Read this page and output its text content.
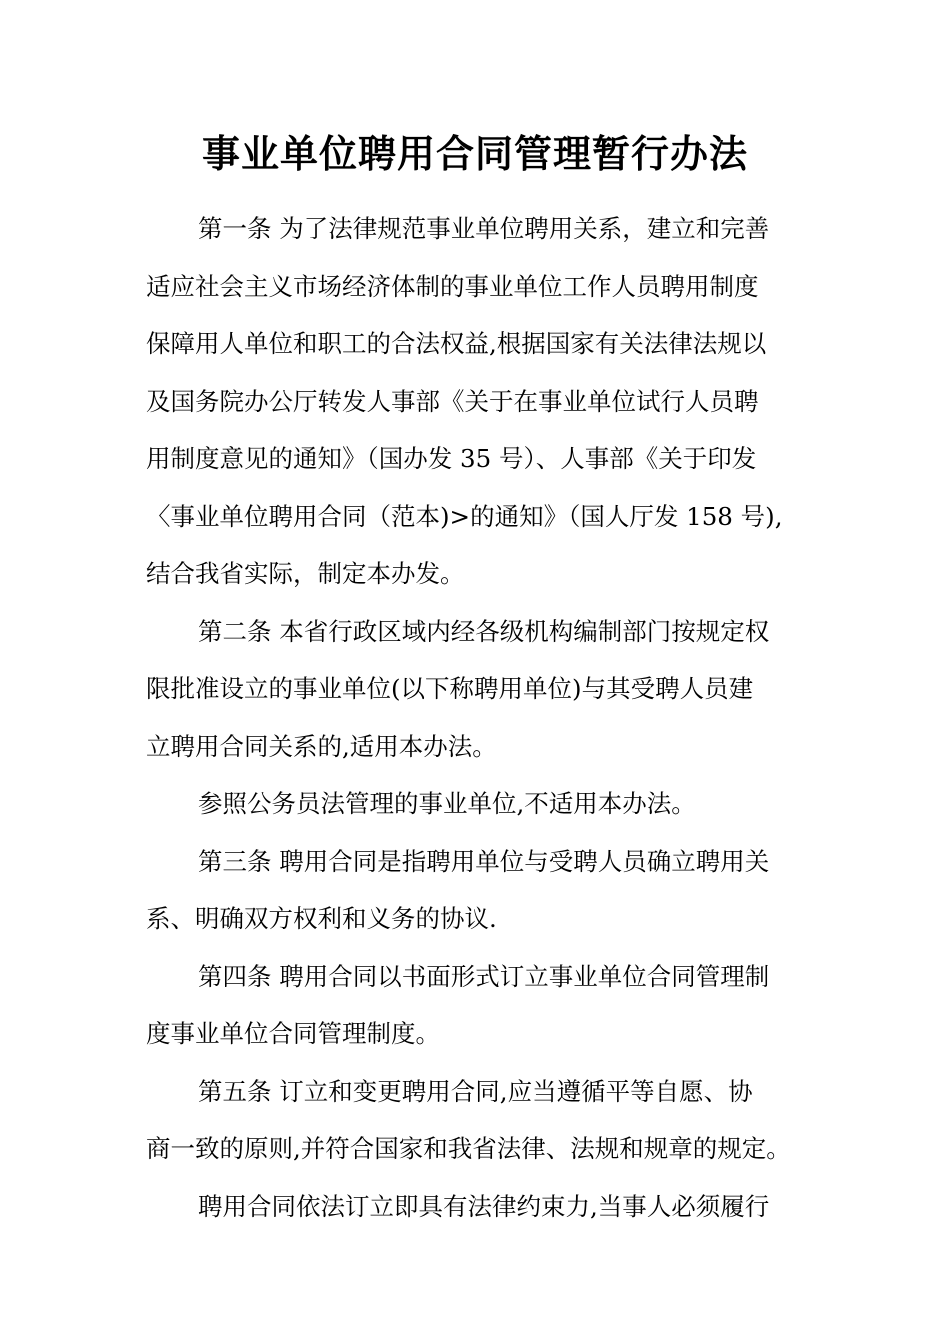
事业单位聘用合同管理暂行办法
第一条 为了法律规范事业单位聘用关系，建立和完善
适应社会主义市场经济体制的事业单位工作人员聘用制度
保障用人单位和职工的合法权益,根据国家有关法律法规以
及国务院办公厅转发人事部《关于在事业单位试行人员聘
用制度意见的通知》（国办发 35 号）、人事部《关于印发
〈事业单位聘用合同（范本)>的通知》（国人厅发 158 号),
结合我省实际，制定本办发。
第二条 本省行政区域内经各级机构编制部门按规定权
限批准设立的事业单位(以下称聘用单位)与其受聘人员建
立聘用合同关系的,适用本办法。
参照公务员法管理的事业单位,不适用本办法。
第三条 聘用合同是指聘用单位与受聘人员确立聘用关
系、明确双方权利和义务的协议.
第四条 聘用合同以书面形式订立事业单位合同管理制
度事业单位合同管理制度。
第五条 订立和变更聘用合同,应当遵循平等自愿、协
商一致的原则,并符合国家和我省法律、法规和规章的规定。
聘用合同依法订立即具有法律约束力,当事人必须履行
